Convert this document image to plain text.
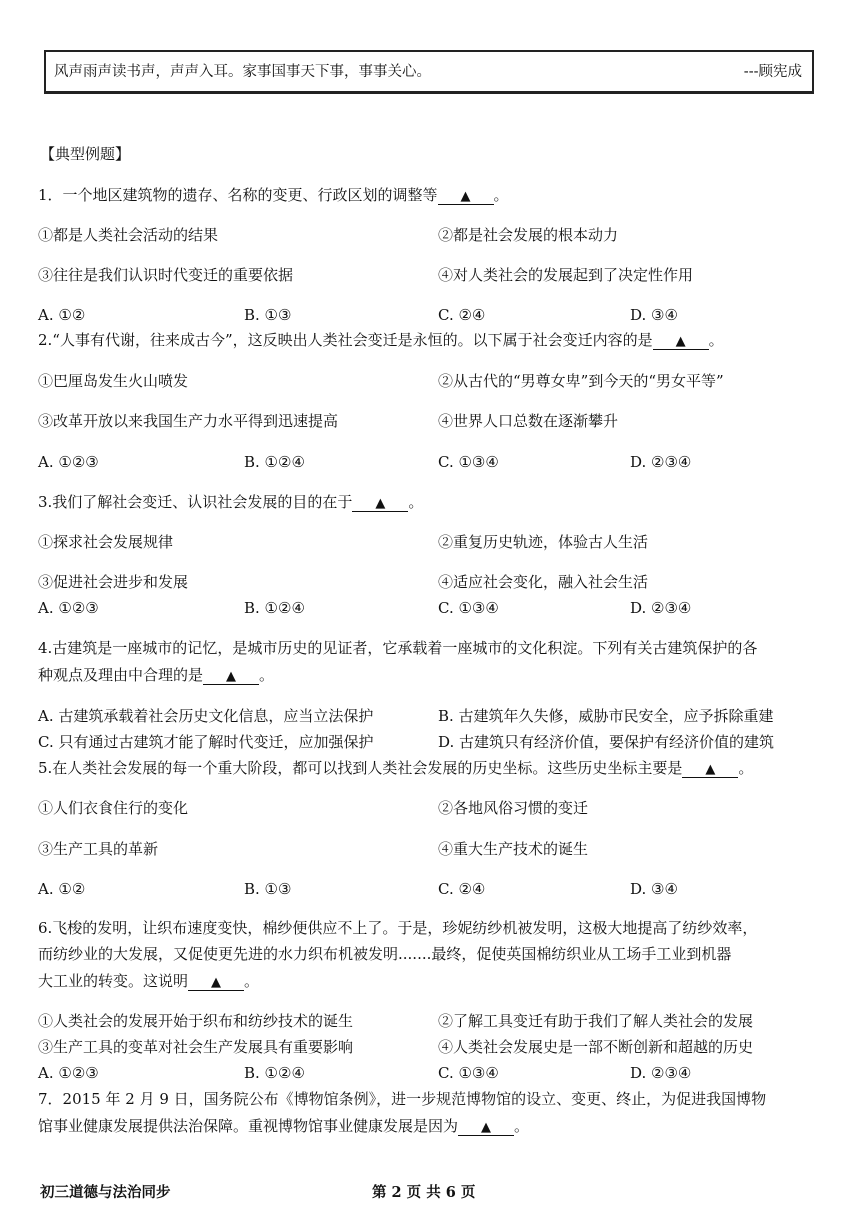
风声雨声读书声，声声入耳。家事国事天下事，事事关心。	---顾宪成
【典型例题】
1．一个地区建筑物的遗存、名称的变更、行政区划的调整等 ▲ 。
①都是人类社会活动的结果	②都是社会发展的根本动力
③往往是我们认识时代变迁的重要依据	④对人类社会的发展起到了决定性作用
A. ①②	B. ①③	C. ②④	D. ③④
2.“人事有代谢，往来成古今”，这反映出人类社会变迁是永恒的。以下属于社会变迁内容的是 ▲ 。
①巴厘岛发生火山喷发	②从古代的“男尊女卑”到今天的“男女平等”
③改革开放以来我国生产力水平得到迅速提高	④世界人口总数在逐渐攀升
A. ①②③	B. ①②④	C. ①③④	D. ②③④
3.我们了解社会变迁、认识社会发展的目的在于 ▲ 。
①探求社会发展规律	②重复历史轨迹，体验古人生活
③促进社会进步和发展	④适应社会变化，融入社会生活
A. ①②③	B. ①②④	C. ①③④	D. ②③④
4.古建筑是一座城市的记忆，是城市历史的见证者，它承载着一座城市的文化积淀。下列有关古建筑保护的各
种观点及理由中合理的是 ▲ 。
A. 古建筑承载着社会历史文化信息，应当立法保护	B. 古建筑年久失修，威胁市民安全，应予拆除重建
C. 只有通过古建筑才能了解时代变迁，应加强保护	D. 古建筑只有经济价值，要保护有经济价值的建筑
5.在人类社会发展的每一个重大阶段，都可以找到人类社会发展的历史坐标。这些历史坐标主要是 ▲ 。
①人们衣食住行的变化	②各地风俗习惯的变迁
③生产工具的革新	④重大生产技术的诞生
A. ①②	B. ①③	C. ②④	D. ③④
6.飞梭的发明，让织布速度变快，棉纱便供应不上了。于是，珍妮纺纱机被发明，这极大地提高了纺纱效率，
而纺纱业的大发展，又促使更先进的水力织布机被发明.......最终，促使英国棉纺织业从工场手工业到机器
大工业的转变。这说明 ▲ 。
①人类社会的发展开始于织布和纺纱技术的诞生	②了解工具变迁有助于我们了解人类社会的发展
③生产工具的变革对社会生产发展具有重要影响	④人类社会发展史是一部不断创新和超越的历史
A. ①②③	B. ①②④	C. ①③④	D. ②③④
7．2015 年 2 月 9 日，国务院公布《博物馆条例》，进一步规范博物馆的设立、变更、终止，为促进我国博物
馆事业健康发展提供法治保障。重视博物馆事业健康发展是因为 ▲ 。
初三道德与法治同步	第 2 页 共 6 页
